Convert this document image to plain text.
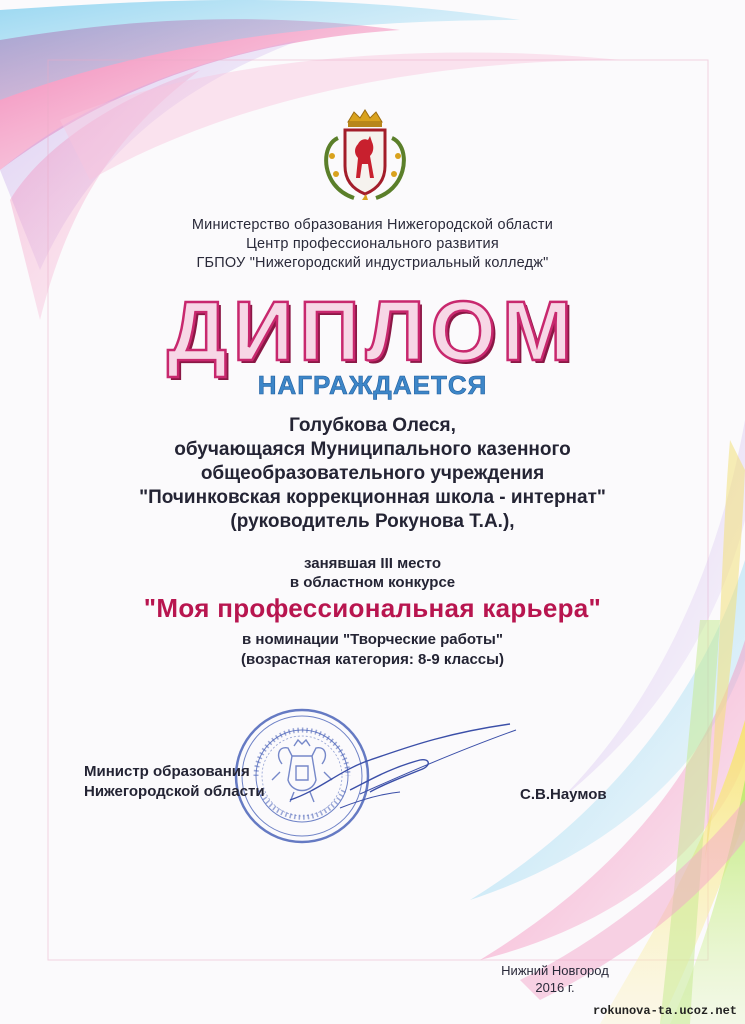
Министерство образования Нижегородской области
Центр профессионального развития
ГБПОУ "Нижегородский индустриальный колледж"
ДИПЛОМ
НАГРАЖДАЕТСЯ
Голубкова Олеся,
обучающаяся Муниципального казенного
общеобразовательного учреждения
"Починковская коррекционная школа - интернат"
(руководитель Рокунова Т.А.),
занявшая III место
в областном конкурсе
"Моя профессиональная карьера"
в номинации "Творческие работы"
(возрастная категория: 8-9 классы)
Министр образования
Нижегородской области	С.В.Наумов
Нижний Новгород
2016 г.
rokunova-ta.ucoz.net
